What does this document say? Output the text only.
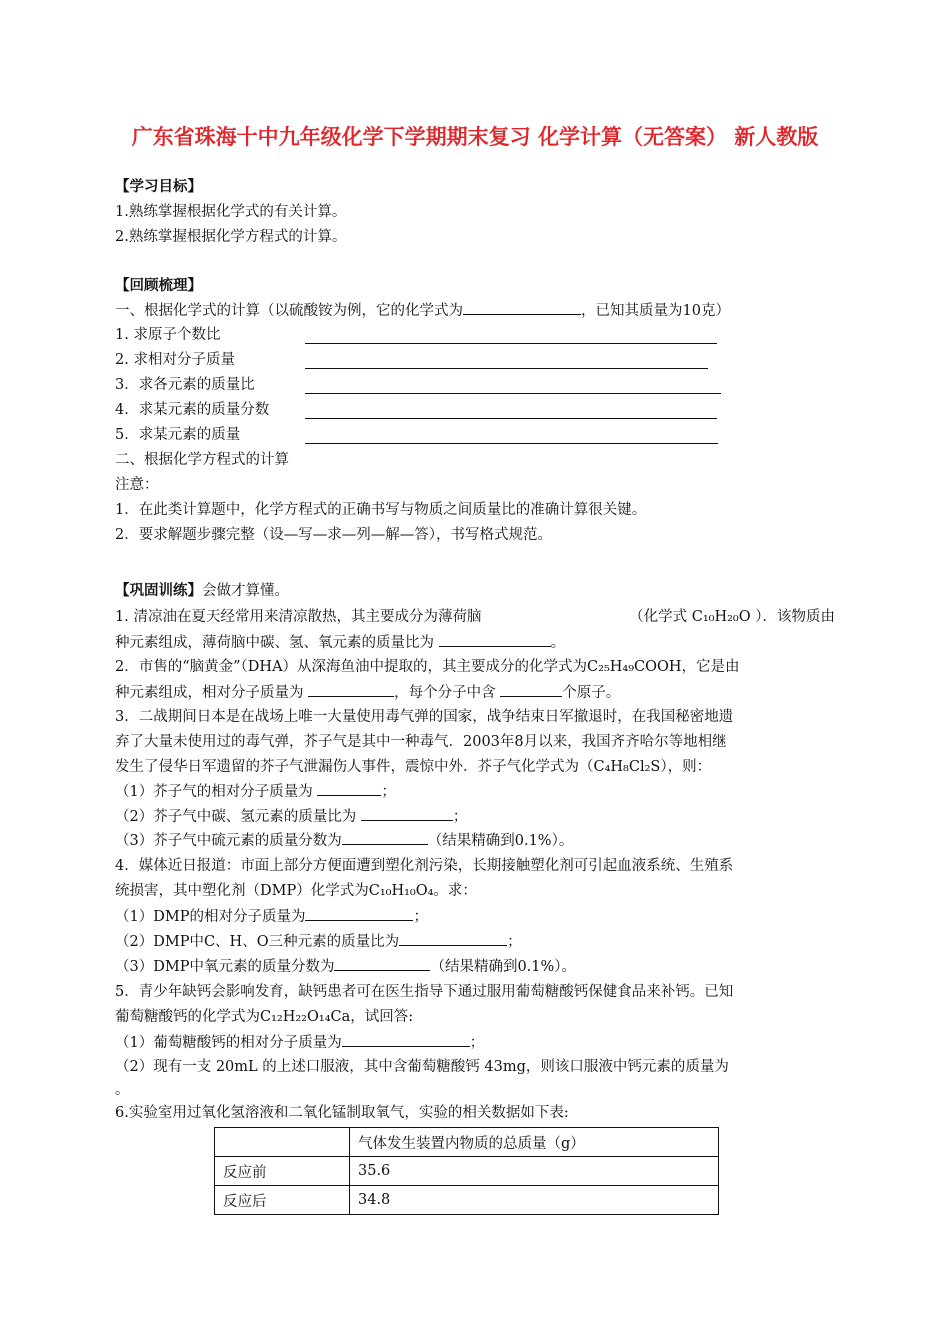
广东省珠海十中九年级化学下学期期末复习 化学计算（无答案） 新人教版
【学习目标】
1.熟练掌握根据化学式的有关计算。
2.熟练掌握根据化学方程式的计算。
【回顾梳理】
一、根据化学式的计算（以硫酸铵为例，它的化学式为	，已知其质量为10克）
1. 求原子个数比
2. 求相对分子质量
3．求各元素的质量比
4．求某元素的质量分数
5．求某元素的质量
二、根据化学方程式的计算
注意：
1．在此类计算题中，化学方程式的正确书写与物质之间质量比的准确计算很关键。
2．要求解题步骤完整（设—写—求—列—解—答），书写格式规范。
【巩固训练】会做才算懂。
1. 清凉油在夏天经常用来清凉散热，其主要成分为薄荷脑	（化学式 C₁₀H₂₀O ）．该物质由
种元素组成，薄荷脑中碳、氢、氧元素的质量比为	。
2．市售的“脑黄金”（DHA）从深海鱼油中提取的，其主要成分的化学式为C₂₅H₄₉COOH，它是由
种元素组成，相对分子质量为	，每个分子中含	个原子。
3．二战期间日本是在战场上唯一大量使用毒气弹的国家，战争结束日军撤退时，在我国秘密地遗
弃了大量未使用过的毒气弹，芥子气是其中一种毒气．2003年8月以来，我国齐齐哈尔等地相继
发生了侵华日军遗留的芥子气泄漏伤人事件，震惊中外．芥子气化学式为（C₄H₈Cl₂S），则：
（1）芥子气的相对分子质量为	；
（2）芥子气中碳、氢元素的质量比为	；
（3）芥子气中硫元素的质量分数为	（结果精确到0.1%）。
4．媒体近日报道：市面上部分方便面遭到塑化剂污染，长期接触塑化剂可引起血液系统、生殖系
统损害，其中塑化剂（DMP）化学式为C₁₀H₁₀O₄。求：
（1）DMP的相对分子质量为	；
（2）DMP中C、H、O三种元素的质量比为	；
（3）DMP中氧元素的质量分数为	（结果精确到0.1%）。
5．青少年缺钙会影响发育，缺钙患者可在医生指导下通过服用葡萄糖酸钙保健食品来补钙。已知
葡萄糖酸钙的化学式为C₁₂H₂₂O₁₄Ca，试回答:
（1）葡萄糖酸钙的相对分子质量为	；
（2）现有一支 20mL 的上述口服液，其中含葡萄糖酸钙 43mg，则该口服液中钙元素的质量为
。
6.实验室用过氧化氢溶液和二氧化锰制取氧气，实验的相关数据如下表:
	气体发生装置内物质的总质量（g）
反应前	35.6
反应后	34.8
